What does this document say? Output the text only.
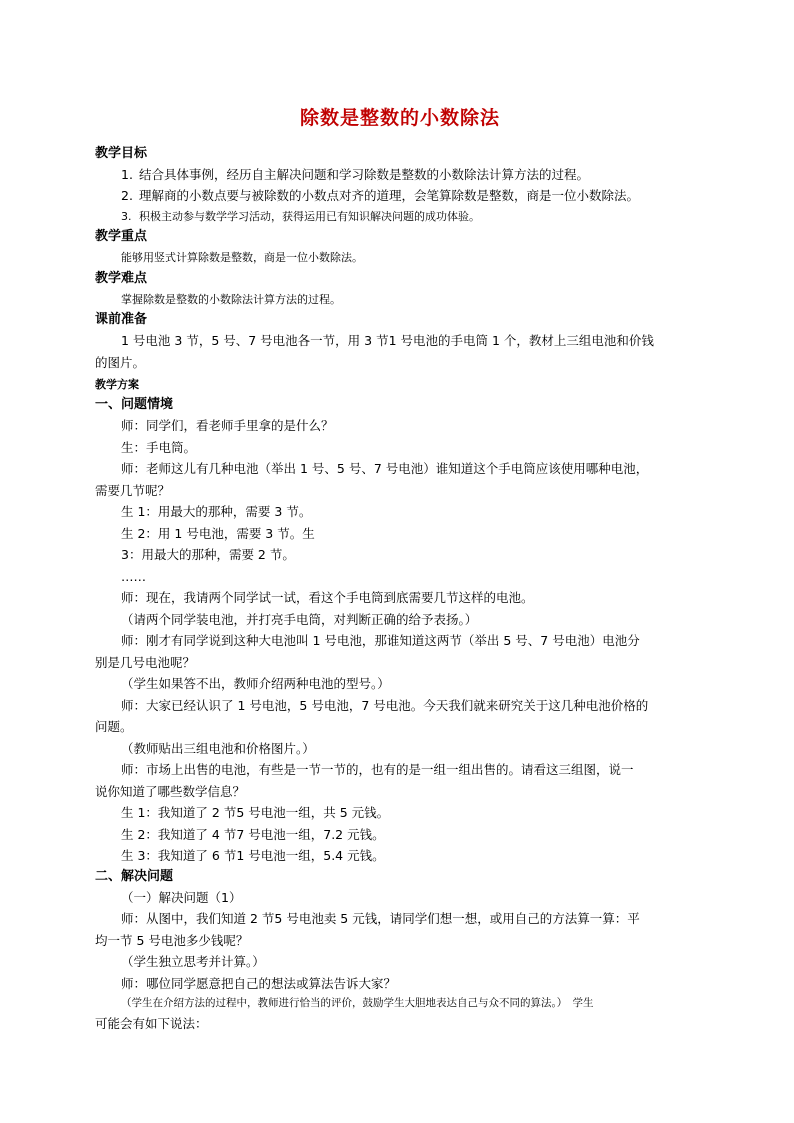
除数是整数的小数除法
教学目标
1. 结合具体事例，经历自主解决问题和学习除数是整数的小数除法计算方法的过程。
2. 理解商的小数点要与被除数的小数点对齐的道理，会笔算除数是整数，商是一位小数除法。
3. 积极主动参与数学学习活动，获得运用已有知识解决问题的成功体验。
教学重点
能够用竖式计算除数是整数，商是一位小数除法。
教学难点
掌握除数是整数的小数除法计算方法的过程。
课前准备
1 号电池 3 节，5 号、7 号电池各一节，用 3 节1 号电池的手电筒 1 个，教材上三组电池和价钱
的图片。
教学方案
一、问题情境
师：同学们，看老师手里拿的是什么？
生：手电筒。
师：老师这儿有几种电池（举出 1 号、5 号、7 号电池）谁知道这个手电筒应该使用哪种电池，
需要几节呢？
生 1：用最大的那种，需要 3 节。
生 2：用 1 号电池，需要 3 节。生
3：用最大的那种，需要 2 节。
……
师：现在，我请两个同学试一试，看这个手电筒到底需要几节这样的电池。
（请两个同学装电池，并打亮手电筒，对判断正确的给予表扬。）
师：刚才有同学说到这种大电池叫 1 号电池，那谁知道这两节（举出 5 号、7 号电池）电池分
别是几号电池呢？
（学生如果答不出，教师介绍两种电池的型号。）
师：大家已经认识了 1 号电池，5 号电池，7 号电池。今天我们就来研究关于这几种电池价格的
问题。
（教师贴出三组电池和价格图片。）
师：市场上出售的电池，有些是一节一节的，也有的是一组一组出售的。请看这三组图，说一
说你知道了哪些数学信息？
生 1：我知道了 2 节5 号电池一组，共 5 元钱。
生 2：我知道了 4 节7 号电池一组，7.2 元钱。
生 3：我知道了 6 节1 号电池一组，5.4 元钱。
二、解决问题
（一）解决问题（1）
师：从图中，我们知道 2 节5 号电池卖 5 元钱，请同学们想一想，或用自己的方法算一算：平
均一节 5 号电池多少钱呢？
（学生独立思考并计算。）
师：哪位同学愿意把自己的想法或算法告诉大家？
（学生在介绍方法的过程中，教师进行恰当的评价，鼓励学生大胆地表达自己与众不同的算法。）　学生
可能会有如下说法：
